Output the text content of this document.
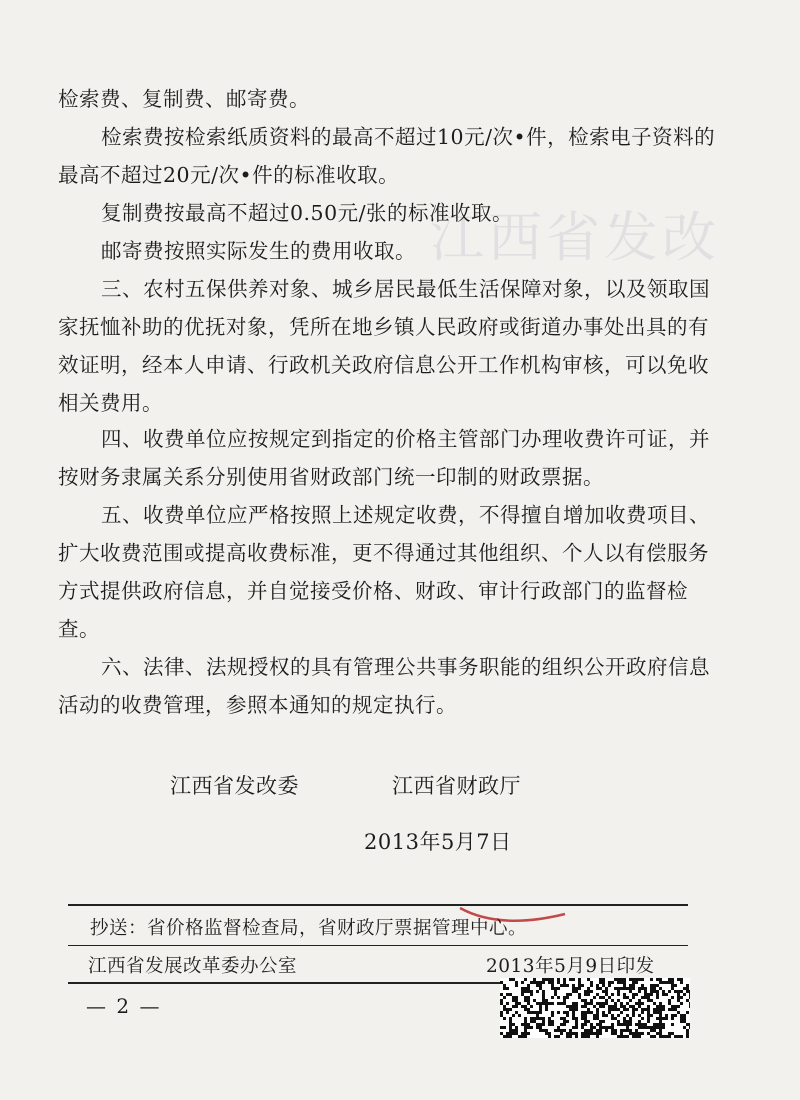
江西省发改
检索费、复制费、邮寄费。
检索费按检索纸质资料的最高不超过10元/次•件，检索电子资料的最高不超过20元/次•件的标准收取。
复制费按最高不超过0.50元/张的标准收取。
邮寄费按照实际发生的费用收取。
三、农村五保供养对象、城乡居民最低生活保障对象，以及领取国家抚恤补助的优抚对象，凭所在地乡镇人民政府或街道办事处出具的有效证明，经本人申请、行政机关政府信息公开工作机构审核，可以免收相关费用。
四、收费单位应按规定到指定的价格主管部门办理收费许可证，并按财务隶属关系分别使用省财政部门统一印制的财政票据。
五、收费单位应严格按照上述规定收费，不得擅自增加收费项目、扩大收费范围或提高收费标准，更不得通过其他组织、个人以有偿服务方式提供政府信息，并自觉接受价格、财政、审计行政部门的监督检查。
六、法律、法规授权的具有管理公共事务职能的组织公开政府信息活动的收费管理，参照本通知的规定执行。
江西省发改委	江西省财政厅
2013年5月7日
抄送：省价格监督检查局，省财政厅票据管理中心。
江西省发展改革委办公室	2013年5月9日印发
— 2 —
